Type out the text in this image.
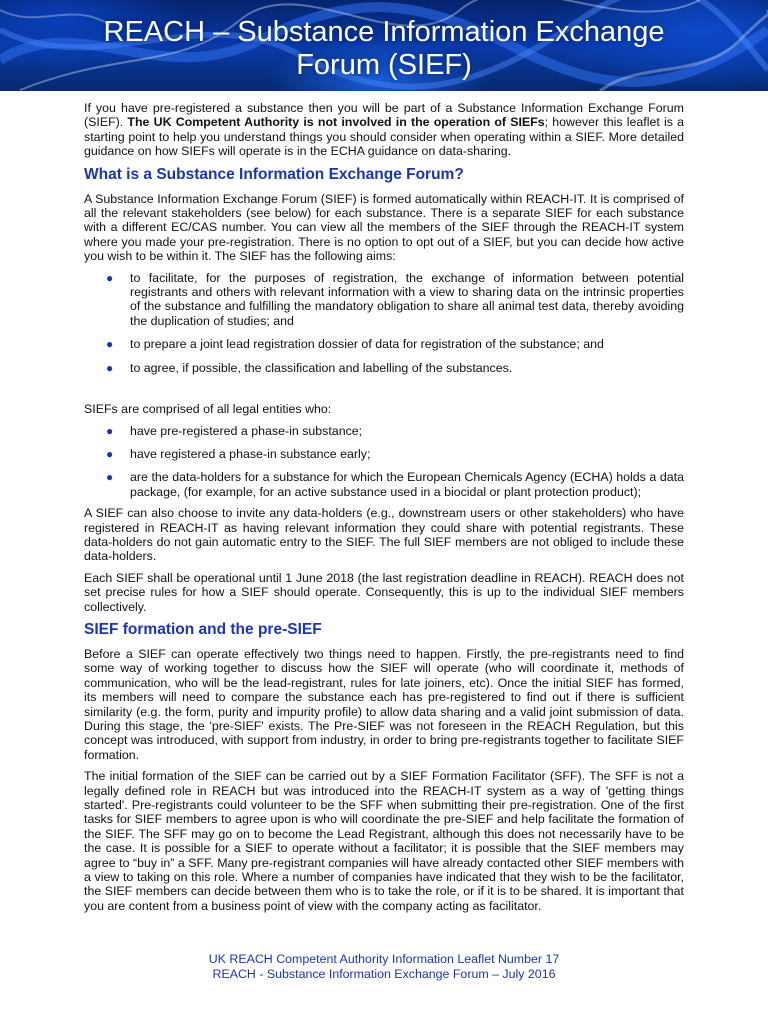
REACH – Substance Information Exchange
Forum (SIEF)

If you have pre-registered a substance then you will be part of a Substance Information Exchange Forum (SIEF). The UK Competent Authority is not involved in the operation of SIEFs; however this leaflet is a starting point to help you understand things you should consider when operating within a SIEF. More detailed guidance on how SIEFs will operate is in the ECHA guidance on data-sharing.

What is a Substance Information Exchange Forum?

A Substance Information Exchange Forum (SIEF) is formed automatically within REACH-IT. It is comprised of all the relevant stakeholders (see below) for each substance. There is a separate SIEF for each substance with a different EC/CAS number. You can view all the members of the SIEF through the REACH-IT system where you made your pre-registration. There is no option to opt out of a SIEF, but you can decide how active you wish to be within it. The SIEF has the following aims:

● to facilitate, for the purposes of registration, the exchange of information between potential registrants and others with relevant information with a view to sharing data on the intrinsic properties of the substance and fulfilling the mandatory obligation to share all animal test data, thereby avoiding the duplication of studies; and
● to prepare a joint lead registration dossier of data for registration of the substance; and
● to agree, if possible, the classification and labelling of the substances.

SIEFs are comprised of all legal entities who:

● have pre-registered a phase-in substance;
● have registered a phase-in substance early;
● are the data-holders for a substance for which the European Chemicals Agency (ECHA) holds a data package, (for example, for an active substance used in a biocidal or plant protection product);

A SIEF can also choose to invite any data-holders (e.g., downstream users or other stakeholders) who have registered in REACH-IT as having relevant information they could share with potential registrants. These data-holders do not gain automatic entry to the SIEF. The full SIEF members are not obliged to include these data-holders.

Each SIEF shall be operational until 1 June 2018 (the last registration deadline in REACH). REACH does not set precise rules for how a SIEF should operate. Consequently, this is up to the individual SIEF members collectively.

SIEF formation and the pre-SIEF

Before a SIEF can operate effectively two things need to happen. Firstly, the pre-registrants need to find some way of working together to discuss how the SIEF will operate (who will coordinate it, methods of communication, who will be the lead-registrant, rules for late joiners, etc). Once the initial SIEF has formed, its members will need to compare the substance each has pre-registered to find out if there is sufficient similarity (e.g. the form, purity and impurity profile) to allow data sharing and a valid joint submission of data. During this stage, the 'pre-SIEF' exists. The Pre-SIEF was not foreseen in the REACH Regulation, but this concept was introduced, with support from industry, in order to bring pre-registrants together to facilitate SIEF formation.

The initial formation of the SIEF can be carried out by a SIEF Formation Facilitator (SFF). The SFF is not a legally defined role in REACH but was introduced into the REACH-IT system as a way of 'getting things started'. Pre-registrants could volunteer to be the SFF when submitting their pre-registration. One of the first tasks for SIEF members to agree upon is who will coordinate the pre-SIEF and help facilitate the formation of the SIEF. The SFF may go on to become the Lead Registrant, although this does not necessarily have to be the case. It is possible for a SIEF to operate without a facilitator; it is possible that the SIEF members may agree to “buy in” a SFF. Many pre-registrant companies will have already contacted other SIEF members with a view to taking on this role. Where a number of companies have indicated that they wish to be the facilitator, the SIEF members can decide between them who is to take the role, or if it is to be shared. It is important that you are content from a business point of view with the company acting as facilitator.

UK REACH Competent Authority Information Leaflet Number 17
REACH - Substance Information Exchange Forum – July 2016
